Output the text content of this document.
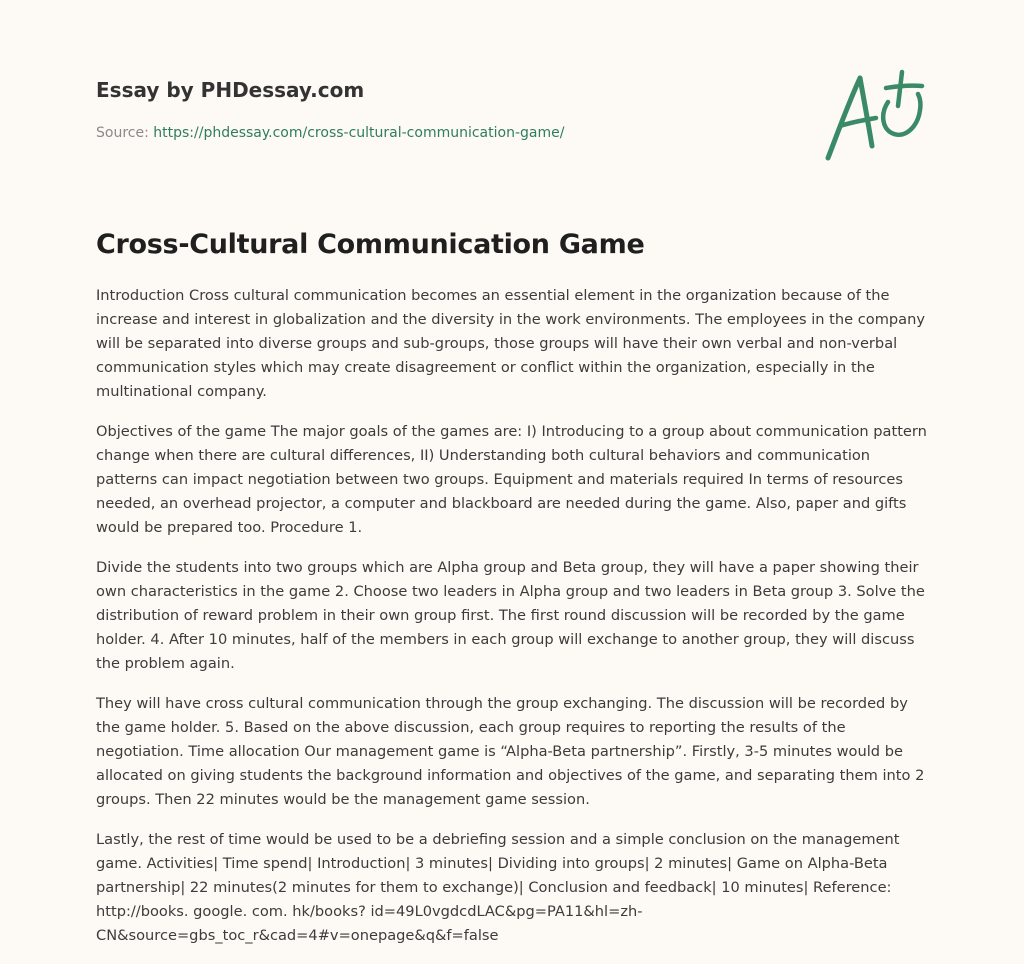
Essay by PHDessay.com
Source: https://phdessay.com/cross-cultural-communication-game/
Cross-Cultural Communication Game

Introduction Cross cultural communication becomes an essential element in the organization because of the increase and interest in globalization and the diversity in the work environments. The employees in the company will be separated into diverse groups and sub-groups, those groups will have their own verbal and non-verbal communication styles which may create disagreement or conflict within the organization, especially in the multinational company.

Objectives of the game The major goals of the games are: I) Introducing to a group about communication pattern change when there are cultural differences, II) Understanding both cultural behaviors and communication patterns can impact negotiation between two groups. Equipment and materials required In terms of resources needed, an overhead projector, a computer and blackboard are needed during the game. Also, paper and gifts would be prepared too. Procedure 1.

Divide the students into two groups which are Alpha group and Beta group, they will have a paper showing their own characteristics in the game 2. Choose two leaders in Alpha group and two leaders in Beta group 3. Solve the distribution of reward problem in their own group first. The first round discussion will be recorded by the game holder. 4. After 10 minutes, half of the members in each group will exchange to another group, they will discuss the problem again.

They will have cross cultural communication through the group exchanging. The discussion will be recorded by the game holder. 5. Based on the above discussion, each group requires to reporting the results of the negotiation. Time allocation Our management game is “Alpha-Beta partnership”. Firstly, 3-5 minutes would be allocated on giving students the background information and objectives of the game, and separating them into 2 groups. Then 22 minutes would be the management game session.

Lastly, the rest of time would be used to be a debriefing session and a simple conclusion on the management game. Activities| Time spend| Introduction| 3 minutes| Dividing into groups| 2 minutes| Game on Alpha-Beta partnership| 22 minutes(2 minutes for them to exchange)| Conclusion and feedback| 10 minutes| Reference: http://books. google. com. hk/books? id=49L0vgdcdLAC&pg=PA11&hl=zh-CN&source=gbs_toc_r&cad=4#v=onepage&q&f=false
